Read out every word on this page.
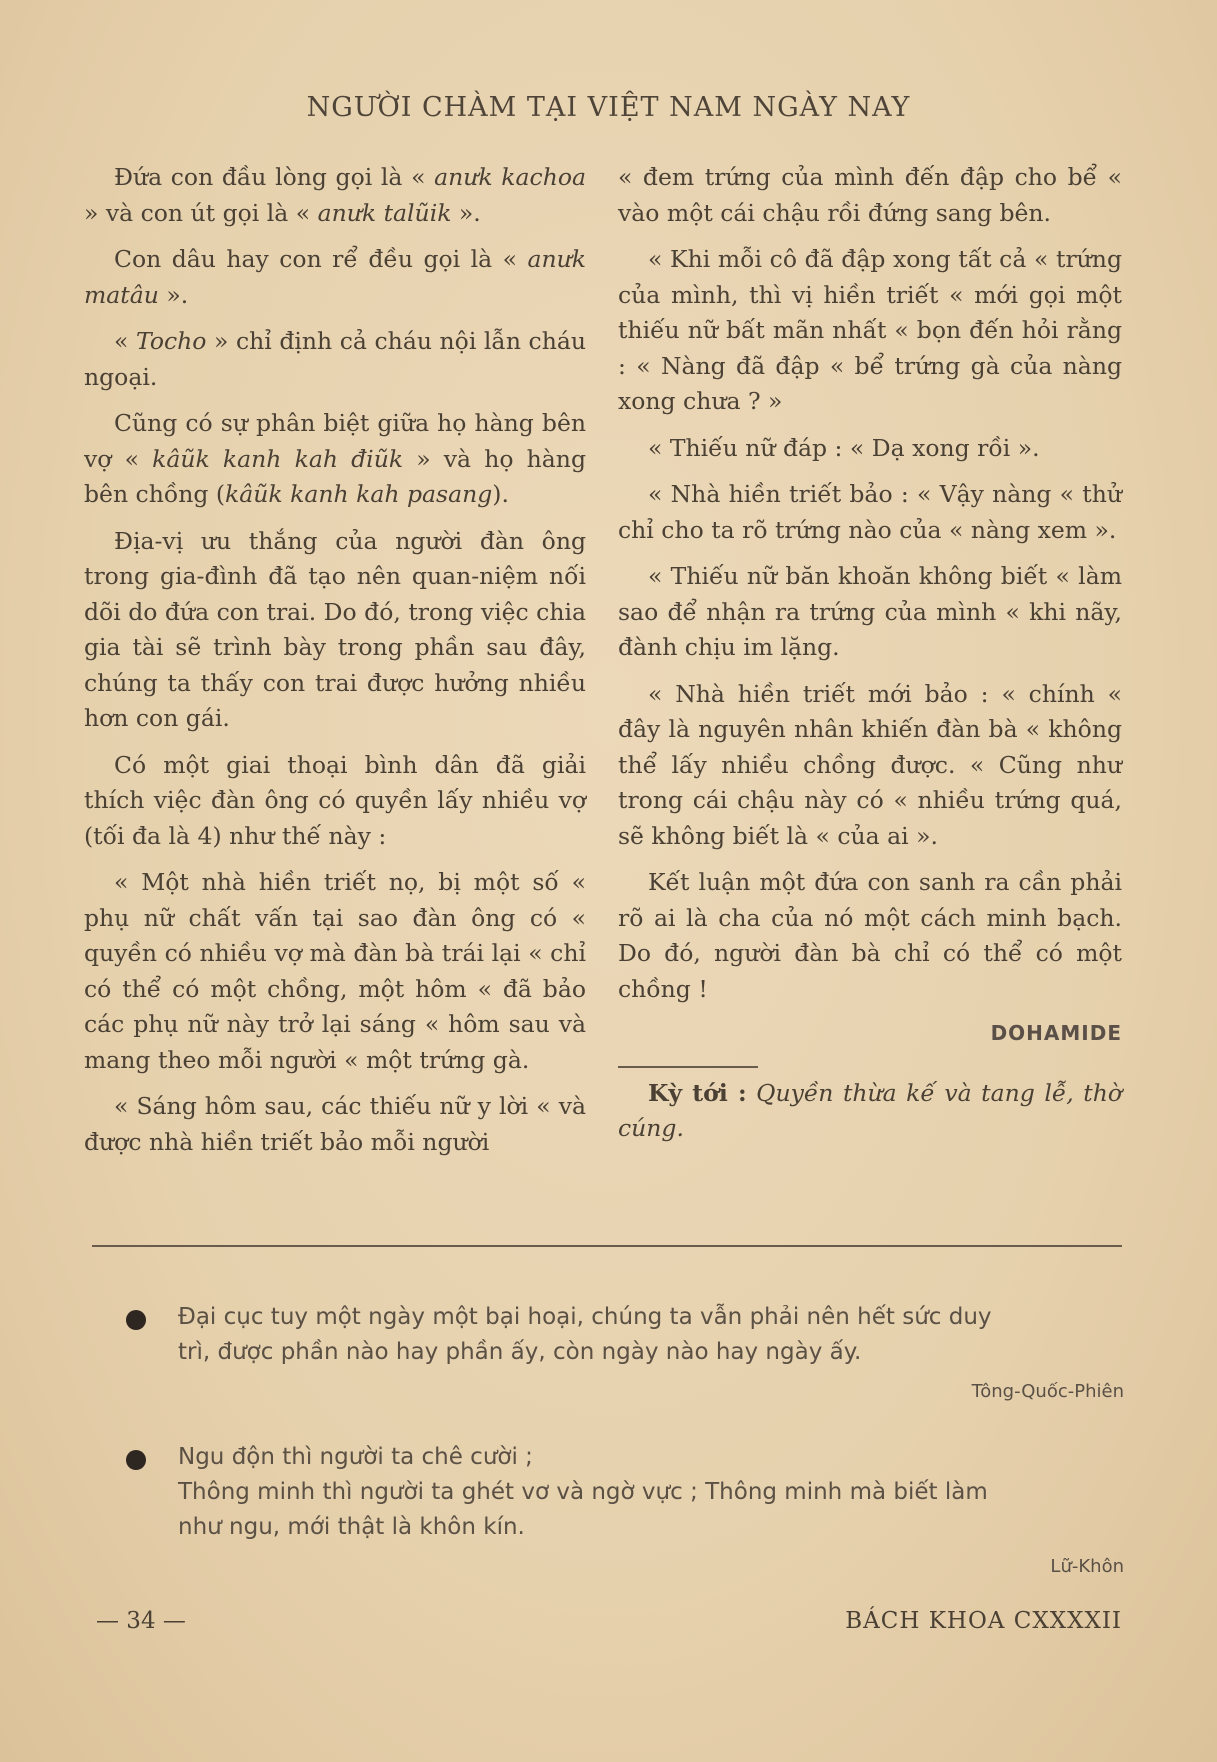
NGƯỜI CHÀM TẠI VIỆT NAM NGÀY NAY

Đứa con đầu lòng gọi là « anưk kachoa » và con út gọi là « anưk talũik ».

Con dâu hay con rể đều gọi là « anưk matâu ».

« Tocho » chỉ định cả cháu nội lẫn cháu ngoại.

Cũng có sự phân biệt giữa họ hàng bên vợ « kâũk kanh kah điũk » và họ hàng bên chồng (kâũk kanh kah pasang).

Địa-vị ưu thắng của người đàn ông trong gia-đình đã tạo nên quan-niệm nối dõi do đứa con trai. Do đó, trong việc chia gia tài sẽ trình bày trong phần sau đây, chúng ta thấy con trai được hưởng nhiều hơn con gái.

Có một giai thoại bình dân đã giải thích việc đàn ông có quyền lấy nhiều vợ (tối đa là 4) như thế này :

« Một nhà hiền triết nọ, bị một số « phụ nữ chất vấn tại sao đàn ông có « quyền có nhiều vợ mà đàn bà trái lại « chỉ có thể có một chồng, một hôm « đã bảo các phụ nữ này trở lại sáng « hôm sau và mang theo mỗi người « một trứng gà.

« Sáng hôm sau, các thiếu nữ y lời « và được nhà hiền triết bảo mỗi người

« đem trứng của mình đến đập cho bể « vào một cái chậu rồi đứng sang bên.

« Khi mỗi cô đã đập xong tất cả « trứng của mình, thì vị hiền triết « mới gọi một thiếu nữ bất mãn nhất « bọn đến hỏi rằng : « Nàng đã đập « bể trứng gà của nàng xong chưa ? »

« Thiếu nữ đáp : « Dạ xong rồi ».

« Nhà hiền triết bảo : « Vậy nàng « thử chỉ cho ta rõ trứng nào của « nàng xem ».

« Thiếu nữ băn khoăn không biết « làm sao để nhận ra trứng của mình « khi nãy, đành chịu im lặng.

« Nhà hiền triết mới bảo : « chính « đây là nguyên nhân khiến đàn bà « không thể lấy nhiều chồng được. « Cũng như trong cái chậu này có « nhiều trứng quá, sẽ không biết là « của ai ».

Kết luận một đứa con sanh ra cần phải rõ ai là cha của nó một cách minh bạch. Do đó, người đàn bà chỉ có thể có một chồng !

DOHAMIDE

Kỳ tới : Quyền thừa kế và tang lễ, thờ cúng.

Đại cục tuy một ngày một bại hoại, chúng ta vẫn phải nên hết sức duy
trì, được phần nào hay phần ấy, còn ngày nào hay ngày ấy.
Tông-Quốc-Phiên
Ngu độn thì người ta chê cười ;
Thông minh thì người ta ghét vơ và ngờ vực ; Thông minh mà biết làm
như ngu, mới thật là khôn kín.
Lữ-Khôn
— 34 —	BÁCH KHOA CXXXXII
